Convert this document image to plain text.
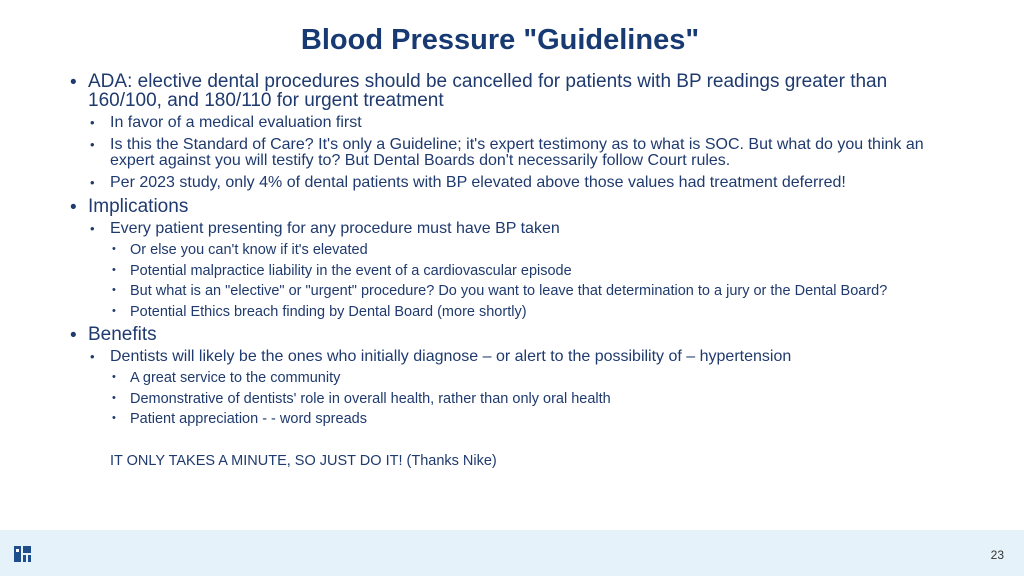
Blood Pressure "Guidelines"
• ADA: elective dental procedures should be cancelled for patients with BP readings greater than 160/100, and 180/110 for urgent treatment
• In favor of a medical evaluation first
• Is this the Standard of Care? It's only a Guideline; it's expert testimony as to what is SOC. But what do you think an expert against you will testify to? But Dental Boards don't necessarily follow Court rules.
• Per 2023 study, only 4% of dental patients with BP elevated above those values had treatment deferred!
• Implications
• Every patient presenting for any procedure must have BP taken
• Or else you can't know if it's elevated
• Potential malpractice liability in the event of a cardiovascular episode
• But what is an "elective" or "urgent" procedure? Do you want to leave that determination to a jury or the Dental Board?
• Potential Ethics breach finding by Dental Board (more shortly)
• Benefits
• Dentists will likely be the ones who initially diagnose – or alert to the possibility of – hypertension
• A great service to the community
• Demonstrative of dentists' role in overall health, rather than only oral health
• Patient appreciation - - word spreads
IT ONLY TAKES A MINUTE, SO JUST DO IT! (Thanks Nike)
23
